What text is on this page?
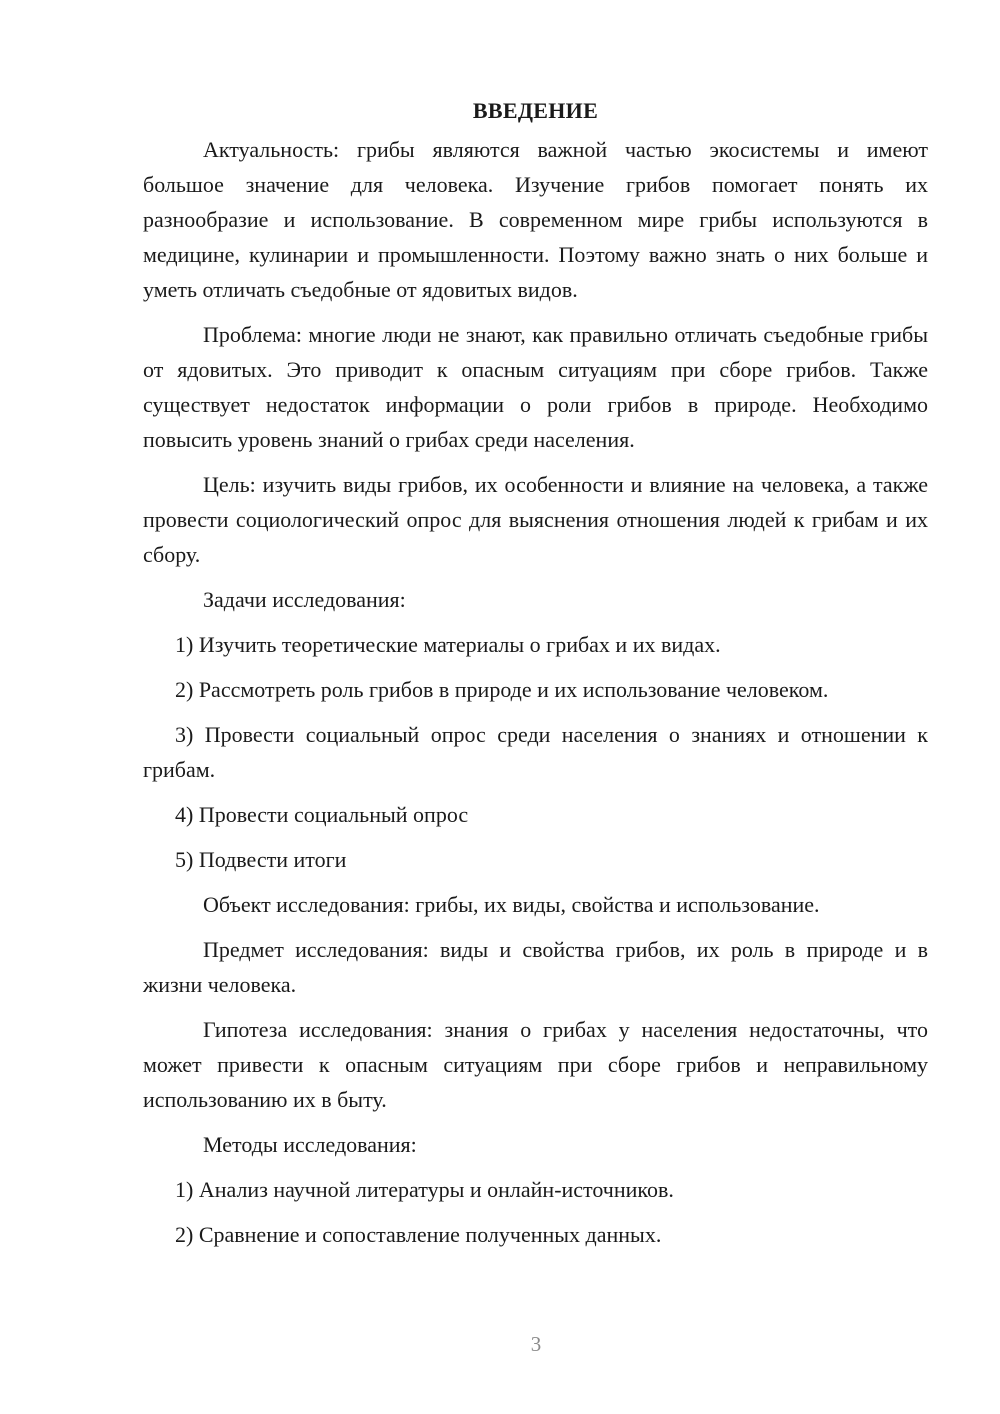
ВВЕДЕНИЕ

Актуальность: грибы являются важной частью экосистемы и имеют большое значение для человека. Изучение грибов помогает понять их разнообразие и использование. В современном мире грибы используются в медицине, кулинарии и промышленности. Поэтому важно знать о них больше и уметь отличать съедобные от ядовитых видов.

Проблема: многие люди не знают, как правильно отличать съедобные грибы от ядовитых. Это приводит к опасным ситуациям при сборе грибов. Также существует недостаток информации о роли грибов в природе. Необходимо повысить уровень знаний о грибах среди населения.

Цель: изучить виды грибов, их особенности и влияние на человека, а также провести социологический опрос для выяснения отношения людей к грибам и их сбору.

Задачи исследования:

1) Изучить теоретические материалы о грибах и их видах.
2) Рассмотреть роль грибов в природе и их использование человеком.
3) Провести социальный опрос среди населения о знаниях и отношении к грибам.
4) Провести социальный опрос
5) Подвести итоги

Объект исследования: грибы, их виды, свойства и использование.

Предмет исследования: виды и свойства грибов, их роль в природе и в жизни человека.

Гипотеза исследования: знания о грибах у населения недостаточны, что может привести к опасным ситуациям при сборе грибов и неправильному использованию их в быту.

Методы исследования:

1) Анализ научной литературы и онлайн-источников.
2) Сравнение и сопоставление полученных данных.
3
